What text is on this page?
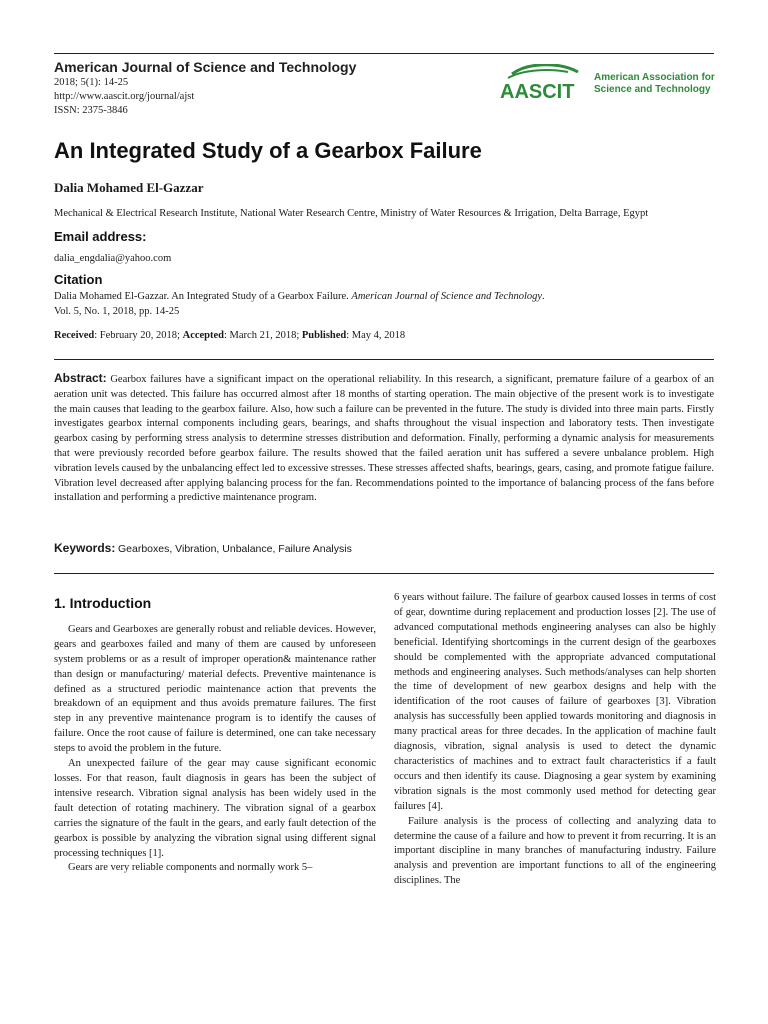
American Journal of Science and Technology
2018; 5(1): 14-25
http://www.aascit.org/journal/ajst
ISSN: 2375-3846
AASCIT
American Association for
Science and Technology
An Integrated Study of a Gearbox Failure
Dalia Mohamed El-Gazzar
Mechanical & Electrical Research Institute, National Water Research Centre, Ministry of Water Resources & Irrigation, Delta Barrage, Egypt
Email address:
dalia_engdalia@yahoo.com
Citation
Dalia Mohamed El-Gazzar. An Integrated Study of a Gearbox Failure. American Journal of Science and Technology.
Vol. 5, No. 1, 2018, pp. 14-25
Received: February 20, 2018; Accepted: March 21, 2018; Published: May 4, 2018
Abstract: Gearbox failures have a significant impact on the operational reliability. In this research, a significant, premature failure of a gearbox of an aeration unit was detected. This failure has occurred almost after 18 months of starting operation. The main objective of the present work is to investigate the main causes that leading to the gearbox failure. Also, how such a failure can be prevented in the future. The study is divided into three main parts. Firstly investigates gearbox internal components including gears, bearings, and shafts throughout the visual inspection and laboratory tests. Then investigate gearbox casing by performing stress analysis to determine stresses distribution and deformation. Finally, performing a dynamic analysis for measurements that were previously recorded before gearbox failure. The results showed that the failed aeration unit has suffered a severe unbalance problem. High vibration levels caused by the unbalancing effect led to excessive stresses. These stresses affected shafts, bearings, gears, casing, and promote fatigue failure. Vibration level decreased after applying balancing process for the fan. Recommendations pointed to the importance of balancing process of the fans before installation and performing a predictive maintenance program.
Keywords: Gearboxes, Vibration, Unbalance, Failure Analysis
1. Introduction

Gears and Gearboxes are generally robust and reliable devices. However, gears and gearboxes failed and many of them are caused by unforeseen system problems or as a result of improper operation& maintenance rather than design or manufacturing/ material defects. Preventive maintenance is defined as a structured periodic maintenance action that prevents the breakdown of an equipment and thus avoids premature failures. The first step in any preventive maintenance program is to identify the causes of failure. Once the root cause of failure is determined, one can take necessary steps to avoid the problem in the future.

An unexpected failure of the gear may cause significant economic losses. For that reason, fault diagnosis in gears has been the subject of intensive research. Vibration signal analysis has been widely used in the fault detection of rotating machinery. The vibration signal of a gearbox carries the signature of the fault in the gears, and early fault detection of the gearbox is possible by analyzing the vibration signal using different signal processing techniques [1].

Gears are very reliable components and normally work 5–

6 years without failure. The failure of gearbox caused losses in terms of cost of gear, downtime during replacement and production losses [2]. The use of advanced computational methods engineering analyses can also be highly beneficial. Identifying shortcomings in the current design of the gearboxes should be complemented with the appropriate advanced computational methods and engineering analyses. Such methods/analyses can help shorten the time of development of new gearbox designs and help with the identification of the root causes of failure of gearboxes [3]. Vibration analysis has successfully been applied towards monitoring and diagnosis in many practical areas for three decades. In the application of machine fault diagnosis, vibration, signal analysis is used to detect the dynamic characteristics of machines and to extract fault characteristics if a fault occurs and then identify its cause. Diagnosing a gear system by examining vibration signals is the most commonly used method for detecting gear failures [4].

Failure analysis is the process of collecting and analyzing data to determine the cause of a failure and how to prevent it from recurring. It is an important discipline in many branches of manufacturing industry. Failure analysis and prevention are important functions to all of the engineering disciplines. The
